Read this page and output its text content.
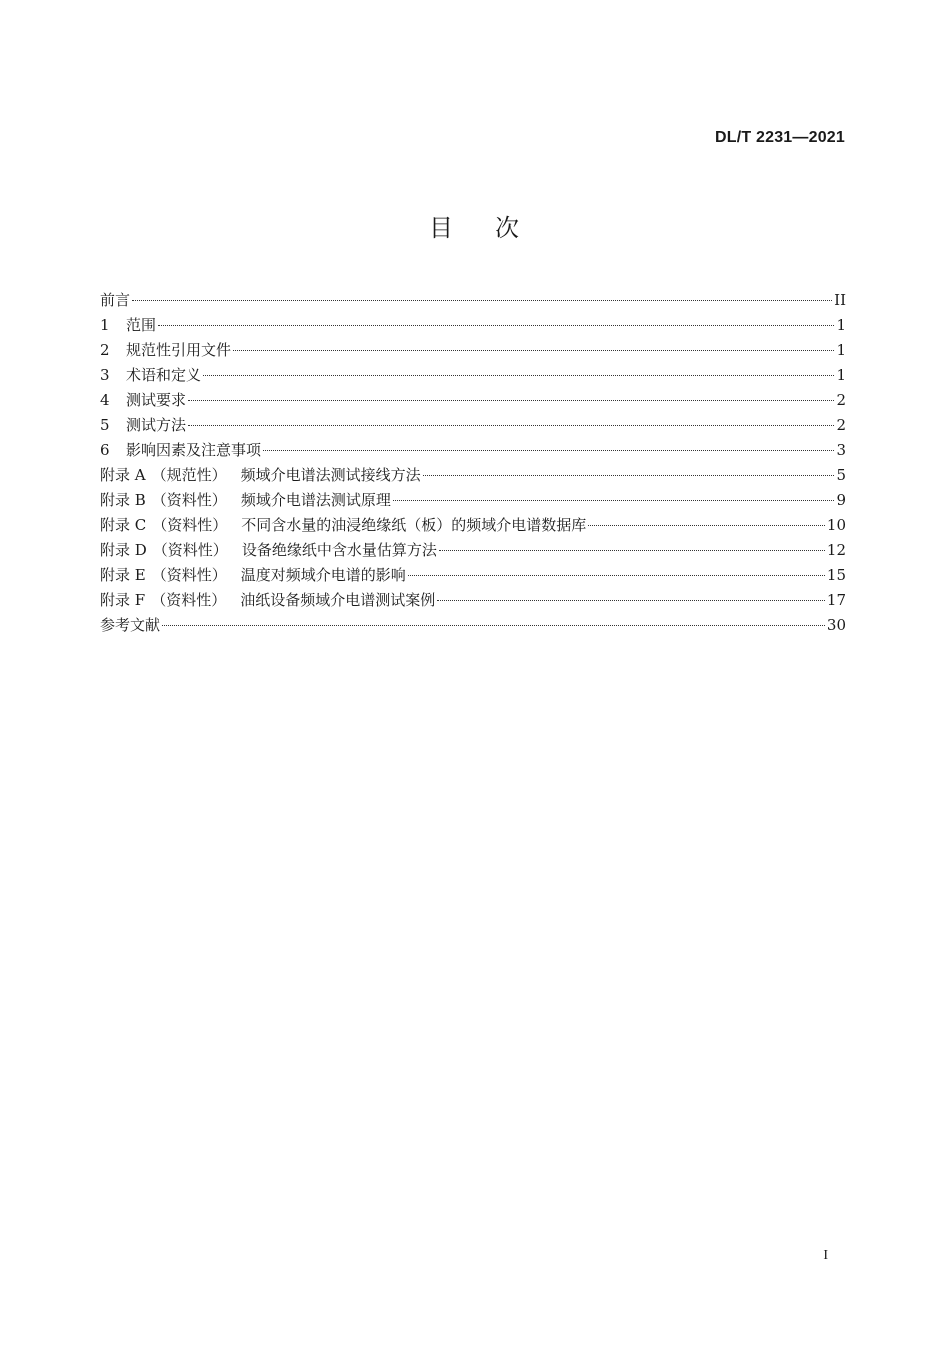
DL/T 2231—2021
目 次
前言	II
1 范围	1
2 规范性引用文件	1
3 术语和定义	1
4 测试要求	2
5 测试方法	2
6 影响因素及注意事项	3
附录 A （规范性） 频域介电谱法测试接线方法	5
附录 B （资料性） 频域介电谱法测试原理	9
附录 C （资料性） 不同含水量的油浸绝缘纸（板）的频域介电谱数据库	10
附录 D （资料性） 设备绝缘纸中含水量估算方法	12
附录 E （资料性） 温度对频域介电谱的影响	15
附录 F （资料性） 油纸设备频域介电谱测试案例	17
参考文献	30
I
